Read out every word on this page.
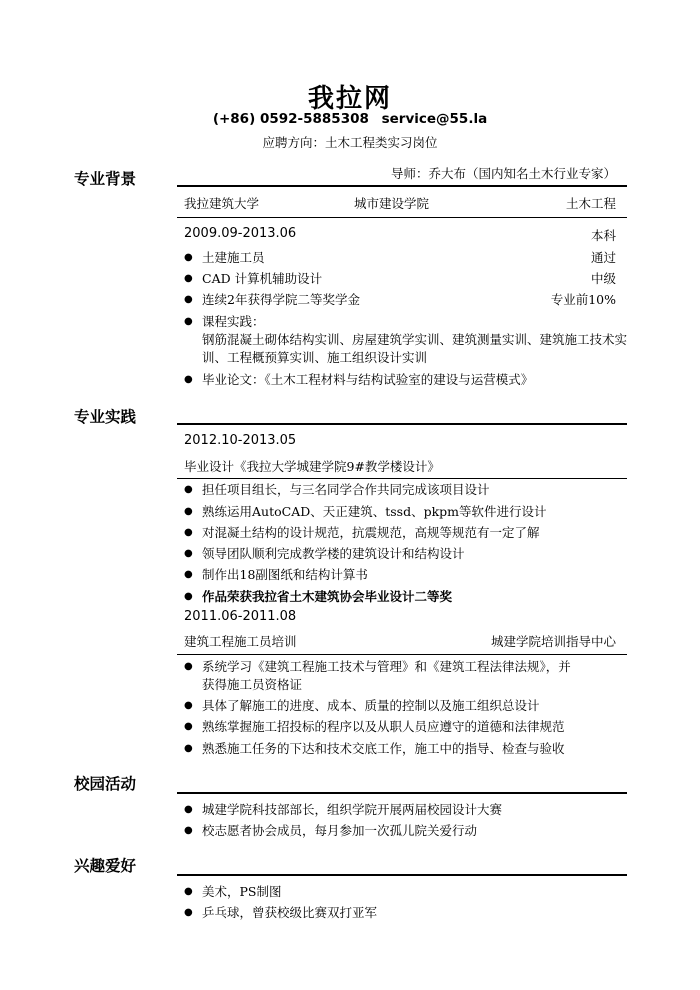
我拉网
(+86) 0592-5885308 service@55.la
应聘方向：土木工程类实习岗位
专业背景	导师：乔大布（国内知名土木行业专家）
我拉建筑大学	城市建设学院	土木工程
2009.09-2013.06	本科
● 土建施工员	通过
● CAD 计算机辅助设计	中级
● 连续2年获得学院二等奖学金	专业前10%
● 课程实践：
钢筋混凝土砌体结构实训、房屋建筑学实训、建筑测量实训、建筑施工技术实
训、工程概预算实训、施工组织设计实训
● 毕业论文：《土木工程材料与结构试验室的建设与运营模式》
专业实践
2012.10-2013.05
毕业设计《我拉大学城建学院9#教学楼设计》
● 担任项目组长，与三名同学合作共同完成该项目设计
● 熟练运用AutoCAD、天正建筑、tssd、pkpm等软件进行设计
● 对混凝土结构的设计规范，抗震规范，高规等规范有一定了解
● 领导团队顺利完成教学楼的建筑设计和结构设计
● 制作出18副图纸和结构计算书
● 作品荣获我拉省土木建筑协会毕业设计二等奖
2011.06-2011.08
建筑工程施工员培训	城建学院培训指导中心
● 系统学习《建筑工程施工技术与管理》和《建筑工程法律法规》，并
获得施工员资格证
● 具体了解施工的进度、成本、质量的控制以及施工组织总设计
● 熟练掌握施工招投标的程序以及从职人员应遵守的道德和法律规范
● 熟悉施工任务的下达和技术交底工作，施工中的指导、检查与验收
校园活动
● 城建学院科技部部长，组织学院开展两届校园设计大赛
● 校志愿者协会成员，每月参加一次孤儿院关爱行动
兴趣爱好
● 美术，PS制图
● 乒乓球，曾获校级比赛双打亚军
